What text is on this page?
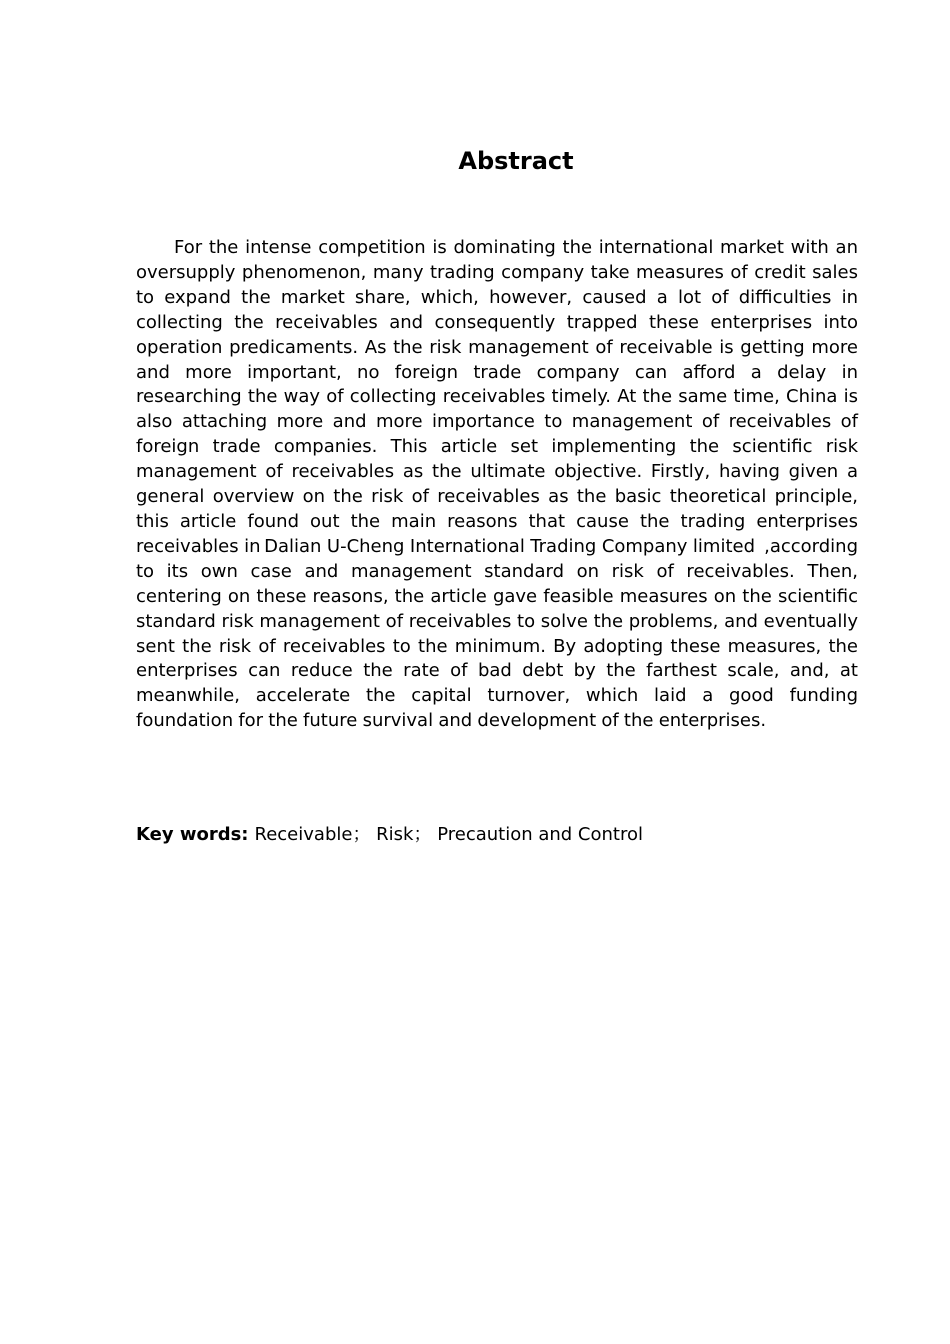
Abstract

For the intense competition is dominating the international market with an oversupply phenomenon, many trading company take measures of credit sales to expand the market share, which, however, caused a lot of difficulties in collecting the receivables and consequently trapped these enterprises into operation predicaments. As the risk management of receivable is getting more and more important, no foreign trade company can afford a delay in researching the way of collecting receivables timely. At the same time, China is also attaching more and more importance to management of receivables of foreign trade companies. This article set implementing the scientific risk management of receivables as the ultimate objective. Firstly, having given a general overview on the risk of receivables as the basic theoretical principle, this article found out the main reasons that cause the trading enterprises receivables in Dalian U-Cheng International Trading Company limited  ,according to its own case and management standard on risk of receivables. Then, centering on these reasons, the article gave feasible measures on the scientific standard risk management of receivables to solve the problems, and eventually sent the risk of receivables to the minimum. By adopting these measures, the enterprises can reduce the rate of bad debt by the farthest scale, and, at meanwhile, accelerate the capital turnover, which laid a good funding foundation for the future survival and development of the enterprises.

Key words: Receivable； Risk； Precaution and Control
